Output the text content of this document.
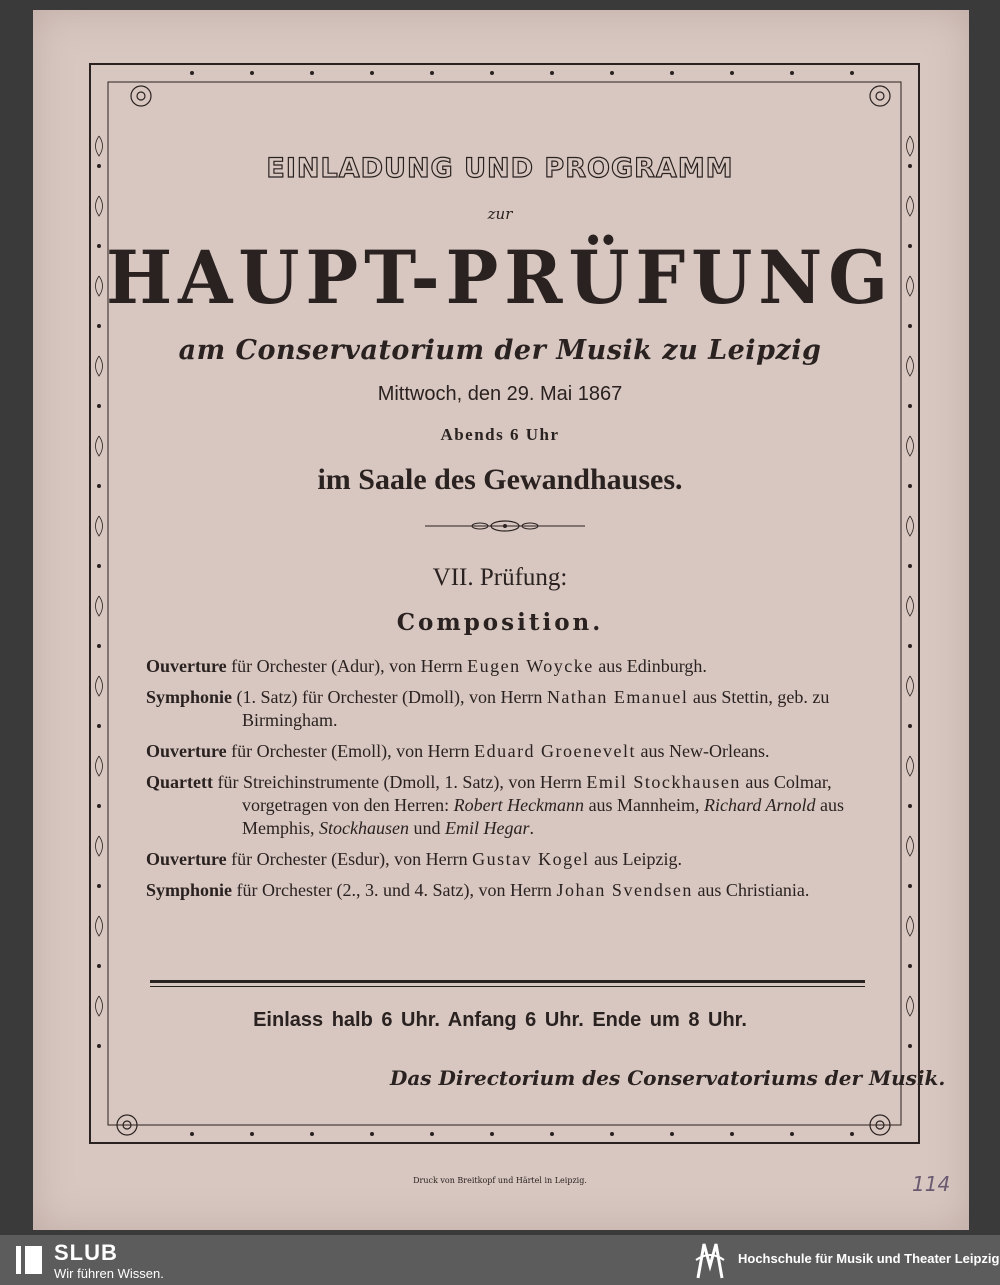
EINLADUNG UND PROGRAMM
zur
HAUPT-PRÜFUNG
am Conservatorium der Musik zu Leipzig
Mittwoch, den 29. Mai 1867
Abends 6 Uhr
im Saale des Gewandhauses.
VII. Prüfung:
Composition.
Ouverture für Orchester (Adur), von Herrn Eugen Woycke aus Edinburgh.
Symphonie (1. Satz) für Orchester (Dmoll), von Herrn Nathan Emanuel aus Stettin, geb. zu Birmingham.
Ouverture für Orchester (Emoll), von Herrn Eduard Groenevelt aus New-Orleans.
Quartett für Streichinstrumente (Dmoll, 1. Satz), von Herrn Emil Stockhausen aus Colmar, vorgetragen von den Herren: Robert Heckmann aus Mannheim, Richard Arnold aus Memphis, Stockhausen und Emil Hegar.
Ouverture für Orchester (Esdur), von Herrn Gustav Kogel aus Leipzig.
Symphonie für Orchester (2., 3. und 4. Satz), von Herrn Johan Svendsen aus Christiania.
Einlass halb 6 Uhr. Anfang 6 Uhr. Ende um 8 Uhr.
Das Directorium des Conservatoriums der Musik.
Druck von Breitkopf und Härtel in Leipzig.	114
SLUB
Wir führen Wissen.
Hochschule für Musik und Theater Leipzig
